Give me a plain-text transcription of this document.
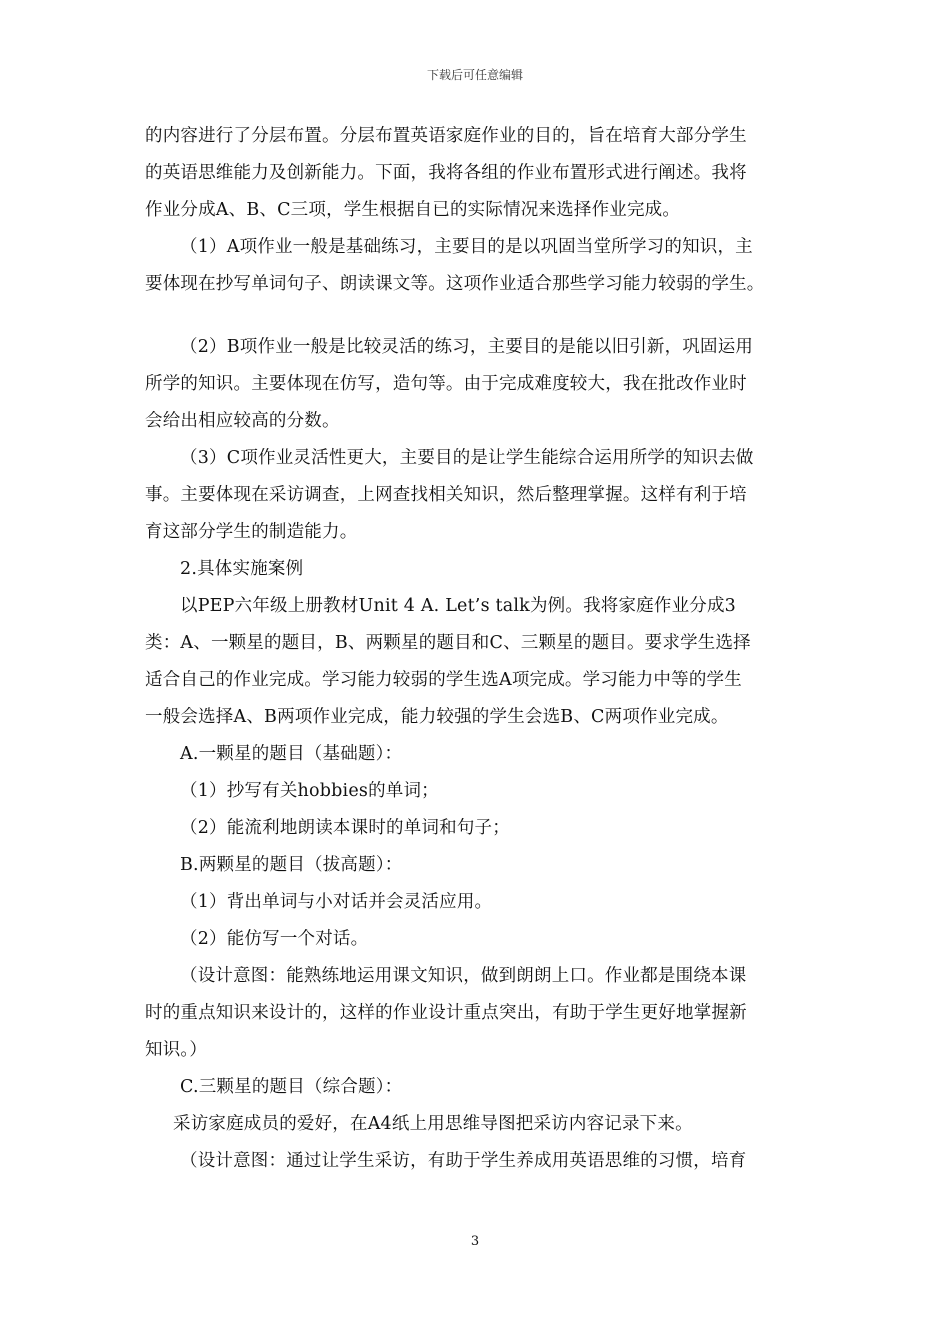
下载后可任意编辑
的内容进行了分层布置。分层布置英语家庭作业的目的，旨在培育大部分学生
的英语思维能力及创新能力。下面，我将各组的作业布置形式进行阐述。我将
作业分成A、B、C三项，学生根据自已的实际情况来选择作业完成。
（1）A项作业一般是基础练习，主要目的是以巩固当堂所学习的知识，主
要体现在抄写单词句子、朗读课文等。这项作业适合那些学习能力较弱的学生。
（2）B项作业一般是比较灵活的练习，主要目的是能以旧引新，巩固运用
所学的知识。主要体现在仿写，造句等。由于完成难度较大，我在批改作业时
会给出相应较高的分数。
（3）C项作业灵活性更大，主要目的是让学生能综合运用所学的知识去做
事。主要体现在采访调查，上网查找相关知识，然后整理掌握。这样有利于培
育这部分学生的制造能力。
2.具体实施案例
以PEP六年级上册教材Unit 4 A. Let’s talk为例。我将家庭作业分成3
类：A、一颗星的题目，B、两颗星的题目和C、三颗星的题目。要求学生选择
适合自己的作业完成。学习能力较弱的学生选A项完成。学习能力中等的学生
一般会选择A、B两项作业完成，能力较强的学生会选B、C两项作业完成。
A.一颗星的题目（基础题）：
（1）抄写有关hobbies的单词；
（2）能流利地朗读本课时的单词和句子；
B.两颗星的题目（拔高题）：
（1）背出单词与小对话并会灵活应用。
（2）能仿写一个对话。
（设计意图：能熟练地运用课文知识，做到朗朗上口。作业都是围绕本课
时的重点知识来设计的，这样的作业设计重点突出，有助于学生更好地掌握新
知识。）
C.三颗星的题目（综合题）：
采访家庭成员的爱好，在A4纸上用思维导图把采访内容记录下来。
（设计意图：通过让学生采访，有助于学生养成用英语思维的习惯，培育
3
